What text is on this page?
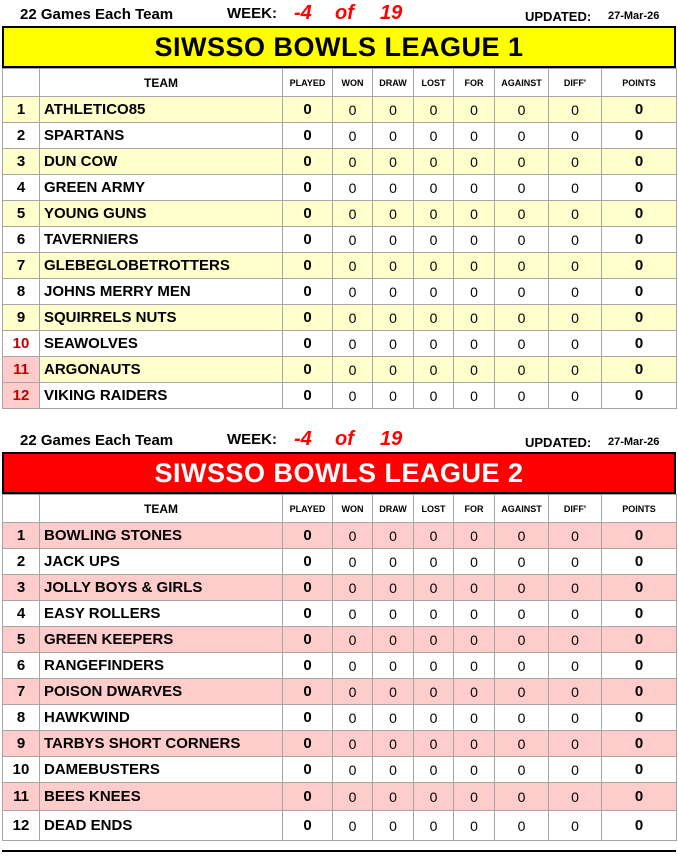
22 Games Each Team	WEEK: -4 of 19	UPDATED: 27-Mar-26
SIWSSO BOWLS LEAGUE 1
	TEAM	PLAYED	WON	DRAW	LOST	FOR	AGAINST	DIFF'	POINTS
1	ATHLETICO85	0	0	0	0	0	0	0	0
2	SPARTANS	0	0	0	0	0	0	0	0
3	DUN COW	0	0	0	0	0	0	0	0
4	GREEN ARMY	0	0	0	0	0	0	0	0
5	YOUNG GUNS	0	0	0	0	0	0	0	0
6	TAVERNIERS	0	0	0	0	0	0	0	0
7	GLEBEGLOBETROTTERS	0	0	0	0	0	0	0	0
8	JOHNS MERRY MEN	0	0	0	0	0	0	0	0
9	SQUIRRELS NUTS	0	0	0	0	0	0	0	0
10	SEAWOLVES	0	0	0	0	0	0	0	0
11	ARGONAUTS	0	0	0	0	0	0	0	0
12	VIKING RAIDERS	0	0	0	0	0	0	0	0
22 Games Each Team	WEEK: -4 of 19	UPDATED: 27-Mar-26
SIWSSO BOWLS LEAGUE 2
	TEAM	PLAYED	WON	DRAW	LOST	FOR	AGAINST	DIFF'	POINTS
1	BOWLING STONES	0	0	0	0	0	0	0	0
2	JACK UPS	0	0	0	0	0	0	0	0
3	JOLLY BOYS & GIRLS	0	0	0	0	0	0	0	0
4	EASY ROLLERS	0	0	0	0	0	0	0	0
5	GREEN KEEPERS	0	0	0	0	0	0	0	0
6	RANGEFINDERS	0	0	0	0	0	0	0	0
7	POISON DWARVES	0	0	0	0	0	0	0	0
8	HAWKWIND	0	0	0	0	0	0	0	0
9	TARBYS SHORT CORNERS	0	0	0	0	0	0	0	0
10	DAMEBUSTERS	0	0	0	0	0	0	0	0
11	BEES KNEES	0	0	0	0	0	0	0	0
12	DEAD ENDS	0	0	0	0	0	0	0	0
